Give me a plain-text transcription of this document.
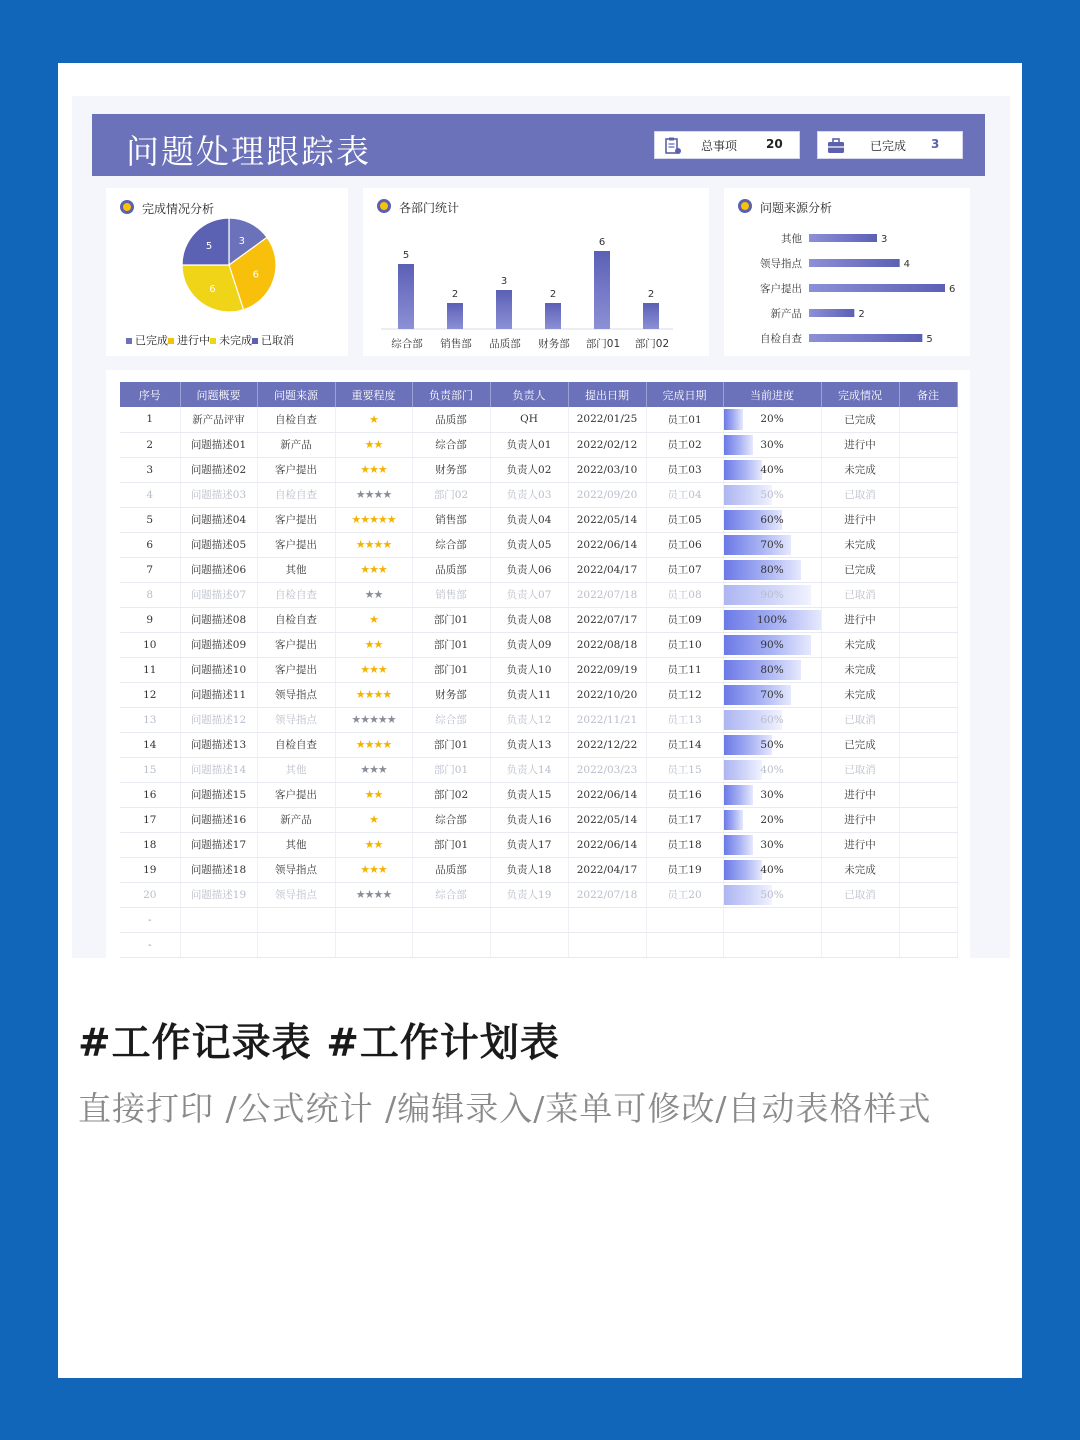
问题处理跟踪表	总事项 20	已完成 3
完成情况分析
3
6
6
5
已完成 进行中 未完成 已取消
各部门统计
5
综合部
2
销售部
3
品质部
2
财务部
6
部门01
2
部门02
问题来源分析
其他	3
领导指点	4
客户提出	6
新产品	2
自检自查	5
序号	问题概要	问题来源	重要程度	负责部门	负责人	提出日期	完成日期	当前进度	完成情况	备注
1	新产品评审	自检自查	★	品质部	QH	2022/01/25	员工01	20%	已完成	
2	问题描述01	新产品	★★	综合部	负责人01	2022/02/12	员工02	30%	进行中	
3	问题描述02	客户提出	★★★	财务部	负责人02	2022/03/10	员工03	40%	未完成	
4	问题描述03	自检自查	★★★★	部门02	负责人03	2022/09/20	员工04	50%	已取消	
5	问题描述04	客户提出	★★★★★	销售部	负责人04	2022/05/14	员工05	60%	进行中	
6	问题描述05	客户提出	★★★★	综合部	负责人05	2022/06/14	员工06	70%	未完成	
7	问题描述06	其他	★★★	品质部	负责人06	2022/04/17	员工07	80%	已完成	
8	问题描述07	自检自查	★★	销售部	负责人07	2022/07/18	员工08	90%	已取消	
9	问题描述08	自检自查	★	部门01	负责人08	2022/07/17	员工09	100%	进行中	
10	问题描述09	客户提出	★★	部门01	负责人09	2022/08/18	员工10	90%	未完成	
11	问题描述10	客户提出	★★★	部门01	负责人10	2022/09/19	员工11	80%	未完成	
12	问题描述11	领导指点	★★★★	财务部	负责人11	2022/10/20	员工12	70%	未完成	
13	问题描述12	领导指点	★★★★★	综合部	负责人12	2022/11/21	员工13	60%	已取消	
14	问题描述13	自检自查	★★★★	部门01	负责人13	2022/12/22	员工14	50%	已完成	
15	问题描述14	其他	★★★	部门01	负责人14	2022/03/23	员工15	40%	已取消	
16	问题描述15	客户提出	★★	部门02	负责人15	2022/06/14	员工16	30%	进行中	
17	问题描述16	新产品	★	综合部	负责人16	2022/05/14	员工17	20%	进行中	
18	问题描述17	其他	★★	部门01	负责人17	2022/06/14	员工18	30%	进行中	
19	问题描述18	领导指点	★★★	品质部	负责人18	2022/04/17	员工19	40%	未完成	
20	问题描述19	领导指点	★★★★	综合部	负责人19	2022/07/18	员工20	50%	已取消	
-										
-										
#工作记录表 #工作计划表
直接打印 /公式统计 /编辑录入/菜单可修改/自动表格样式
